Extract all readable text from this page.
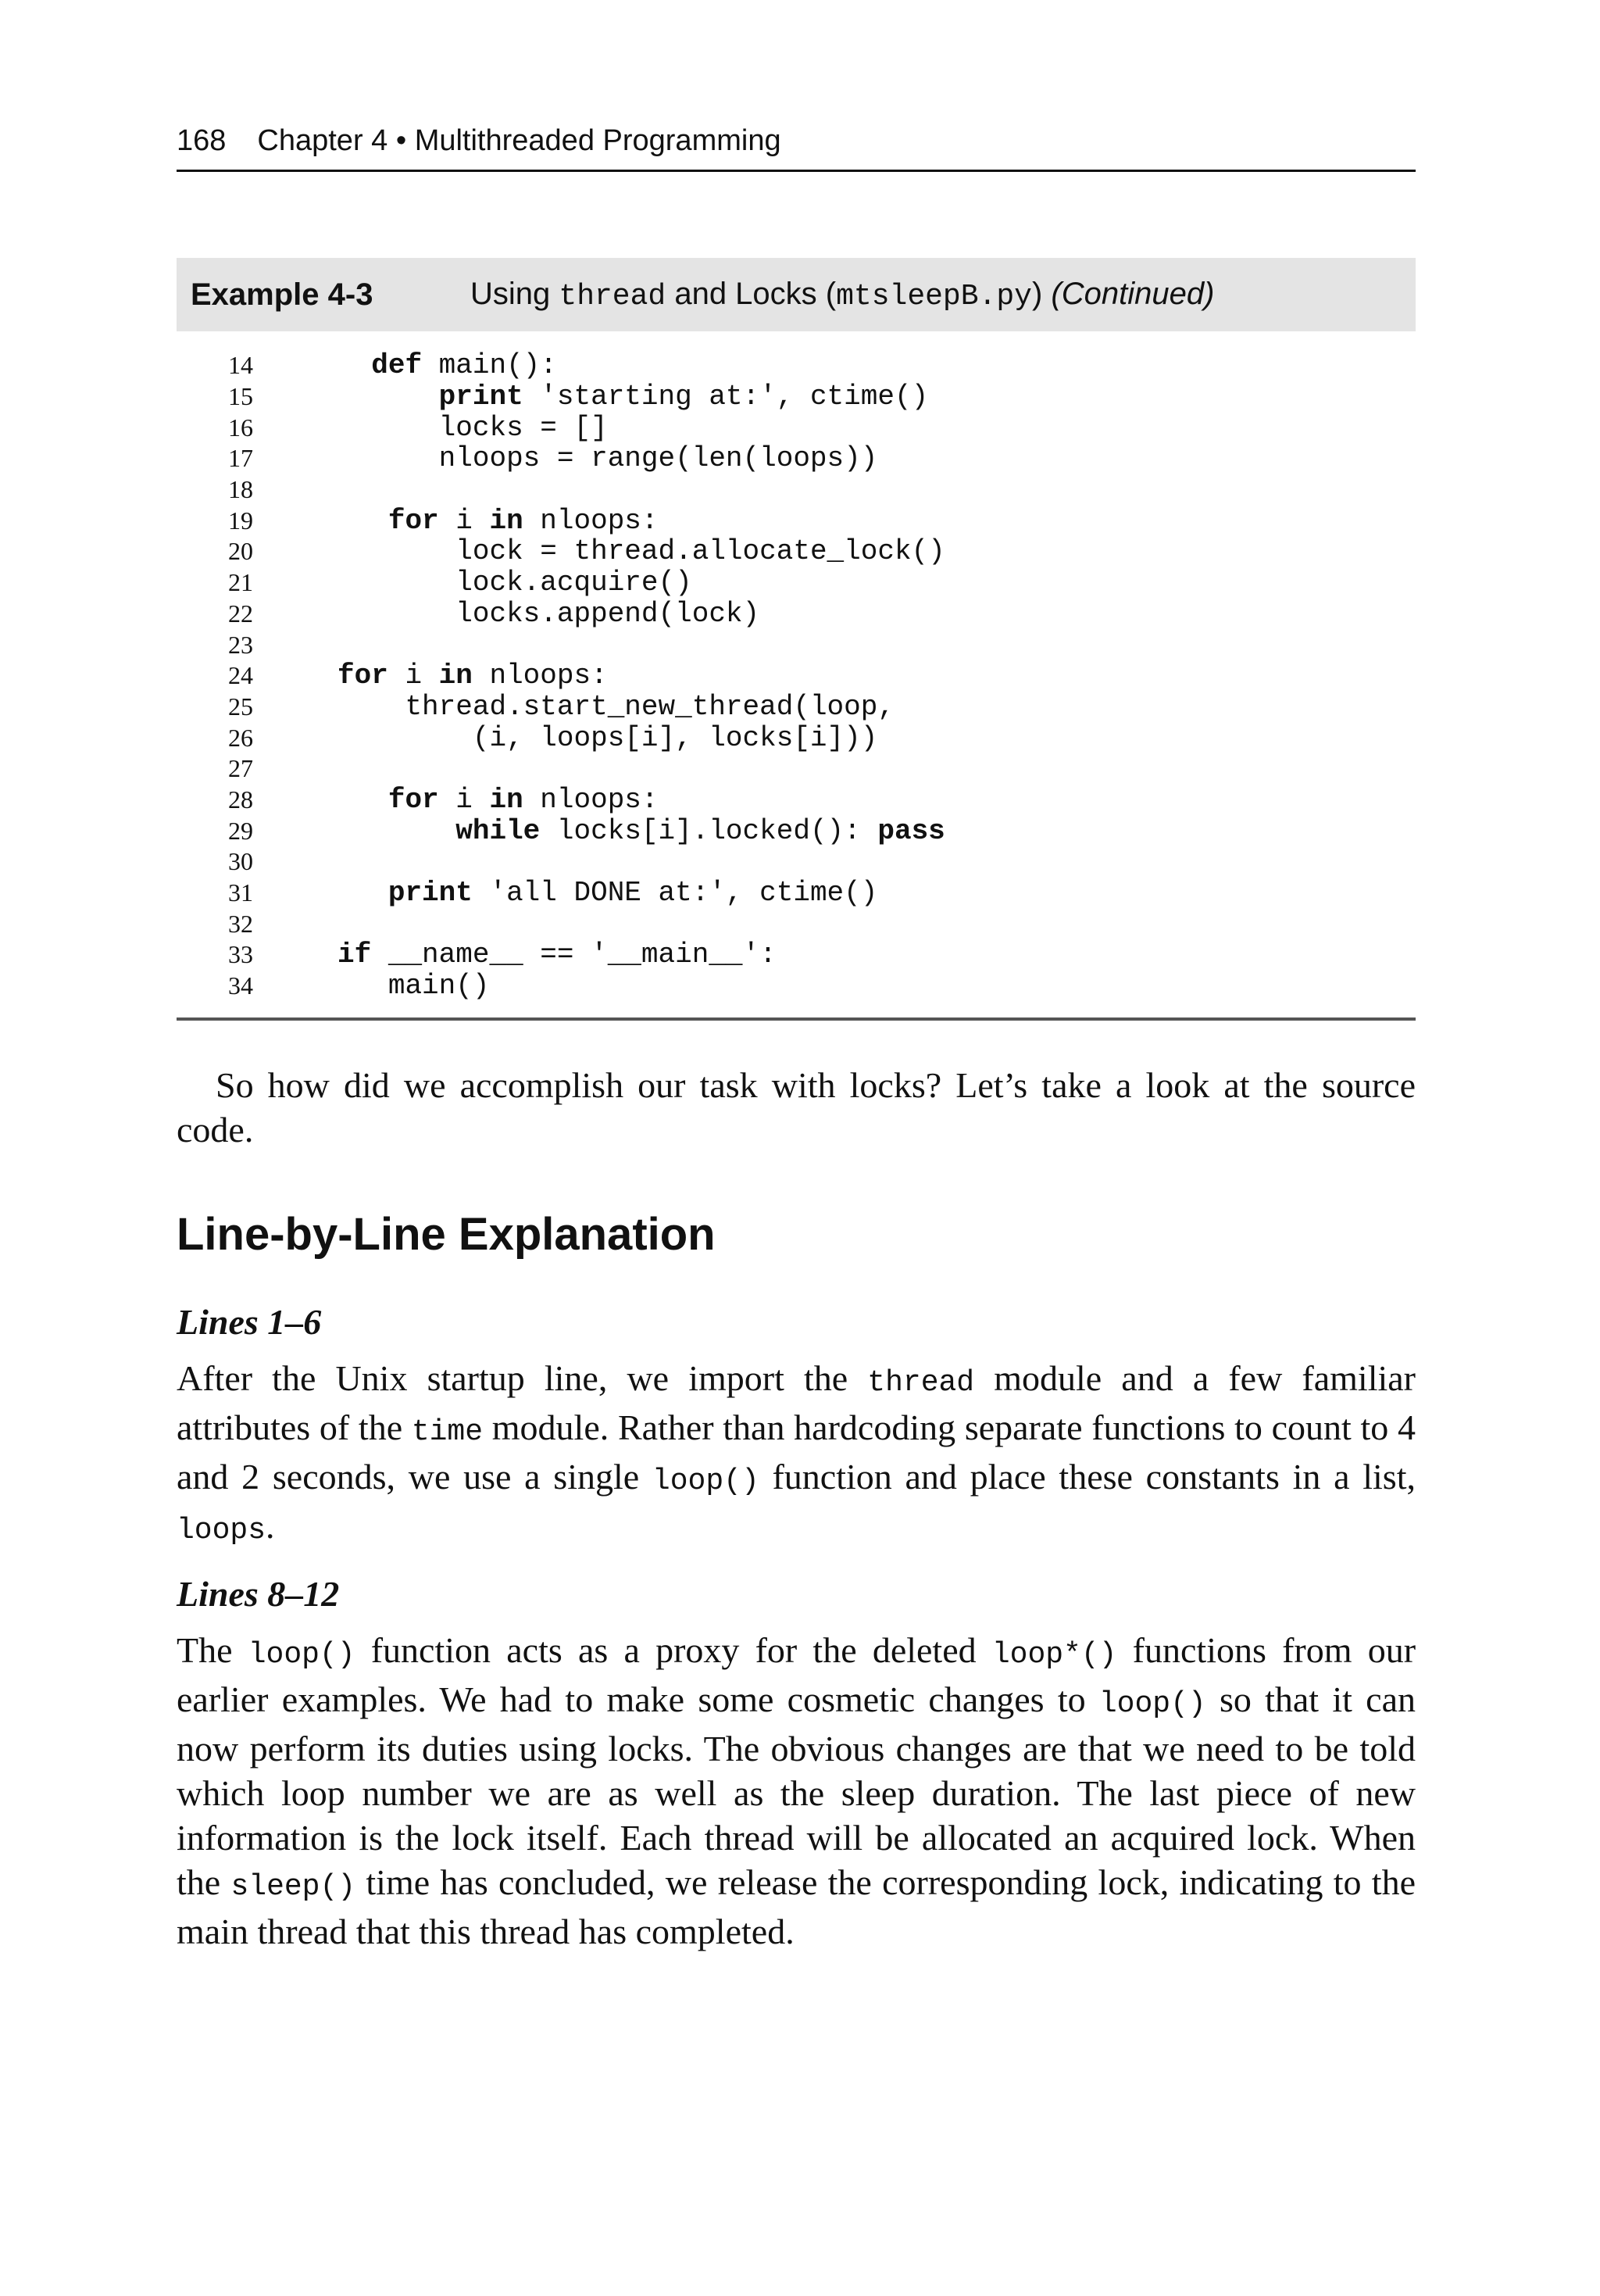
168 Chapter 4 • Multithreaded Programming
Example 4-3	Using thread and Locks (mtsleepB.py) (Continued)
14	def main():
15	print 'starting at:', ctime()
16	locks = []
17	nloops = range(len(loops))
18

19	for i in nloops:
20	lock = thread.allocate_lock()
21	lock.acquire()
22	locks.append(lock)
23

24	for i in nloops:
25	thread.start_new_thread(loop,
26	(i, loops[i], locks[i]))
27

28	for i in nloops:
29	while locks[i].locked(): pass
30

31	print 'all DONE at:', ctime()
32

33	if __name__ == '__main__':
34	main()

So how did we accomplish our task with locks? Let’s take a look at the source code.

Line-by-Line Explanation
Lines 1–6

After the Unix startup line, we import the thread module and a few familiar attributes of the time module. Rather than hardcoding separate functions to count to 4 and 2 seconds, we use a single loop() function and place these constants in a list, loops.

Lines 8–12

The loop() function acts as a proxy for the deleted loop*() functions from our earlier examples. We had to make some cosmetic changes to loop() so that it can now perform its duties using locks. The obvious changes are that we need to be told which loop number we are as well as the sleep duration. The last piece of new information is the lock itself. Each thread will be allocated an acquired lock. When the sleep() time has concluded, we release the corresponding lock, indicating to the main thread that this thread has completed.
